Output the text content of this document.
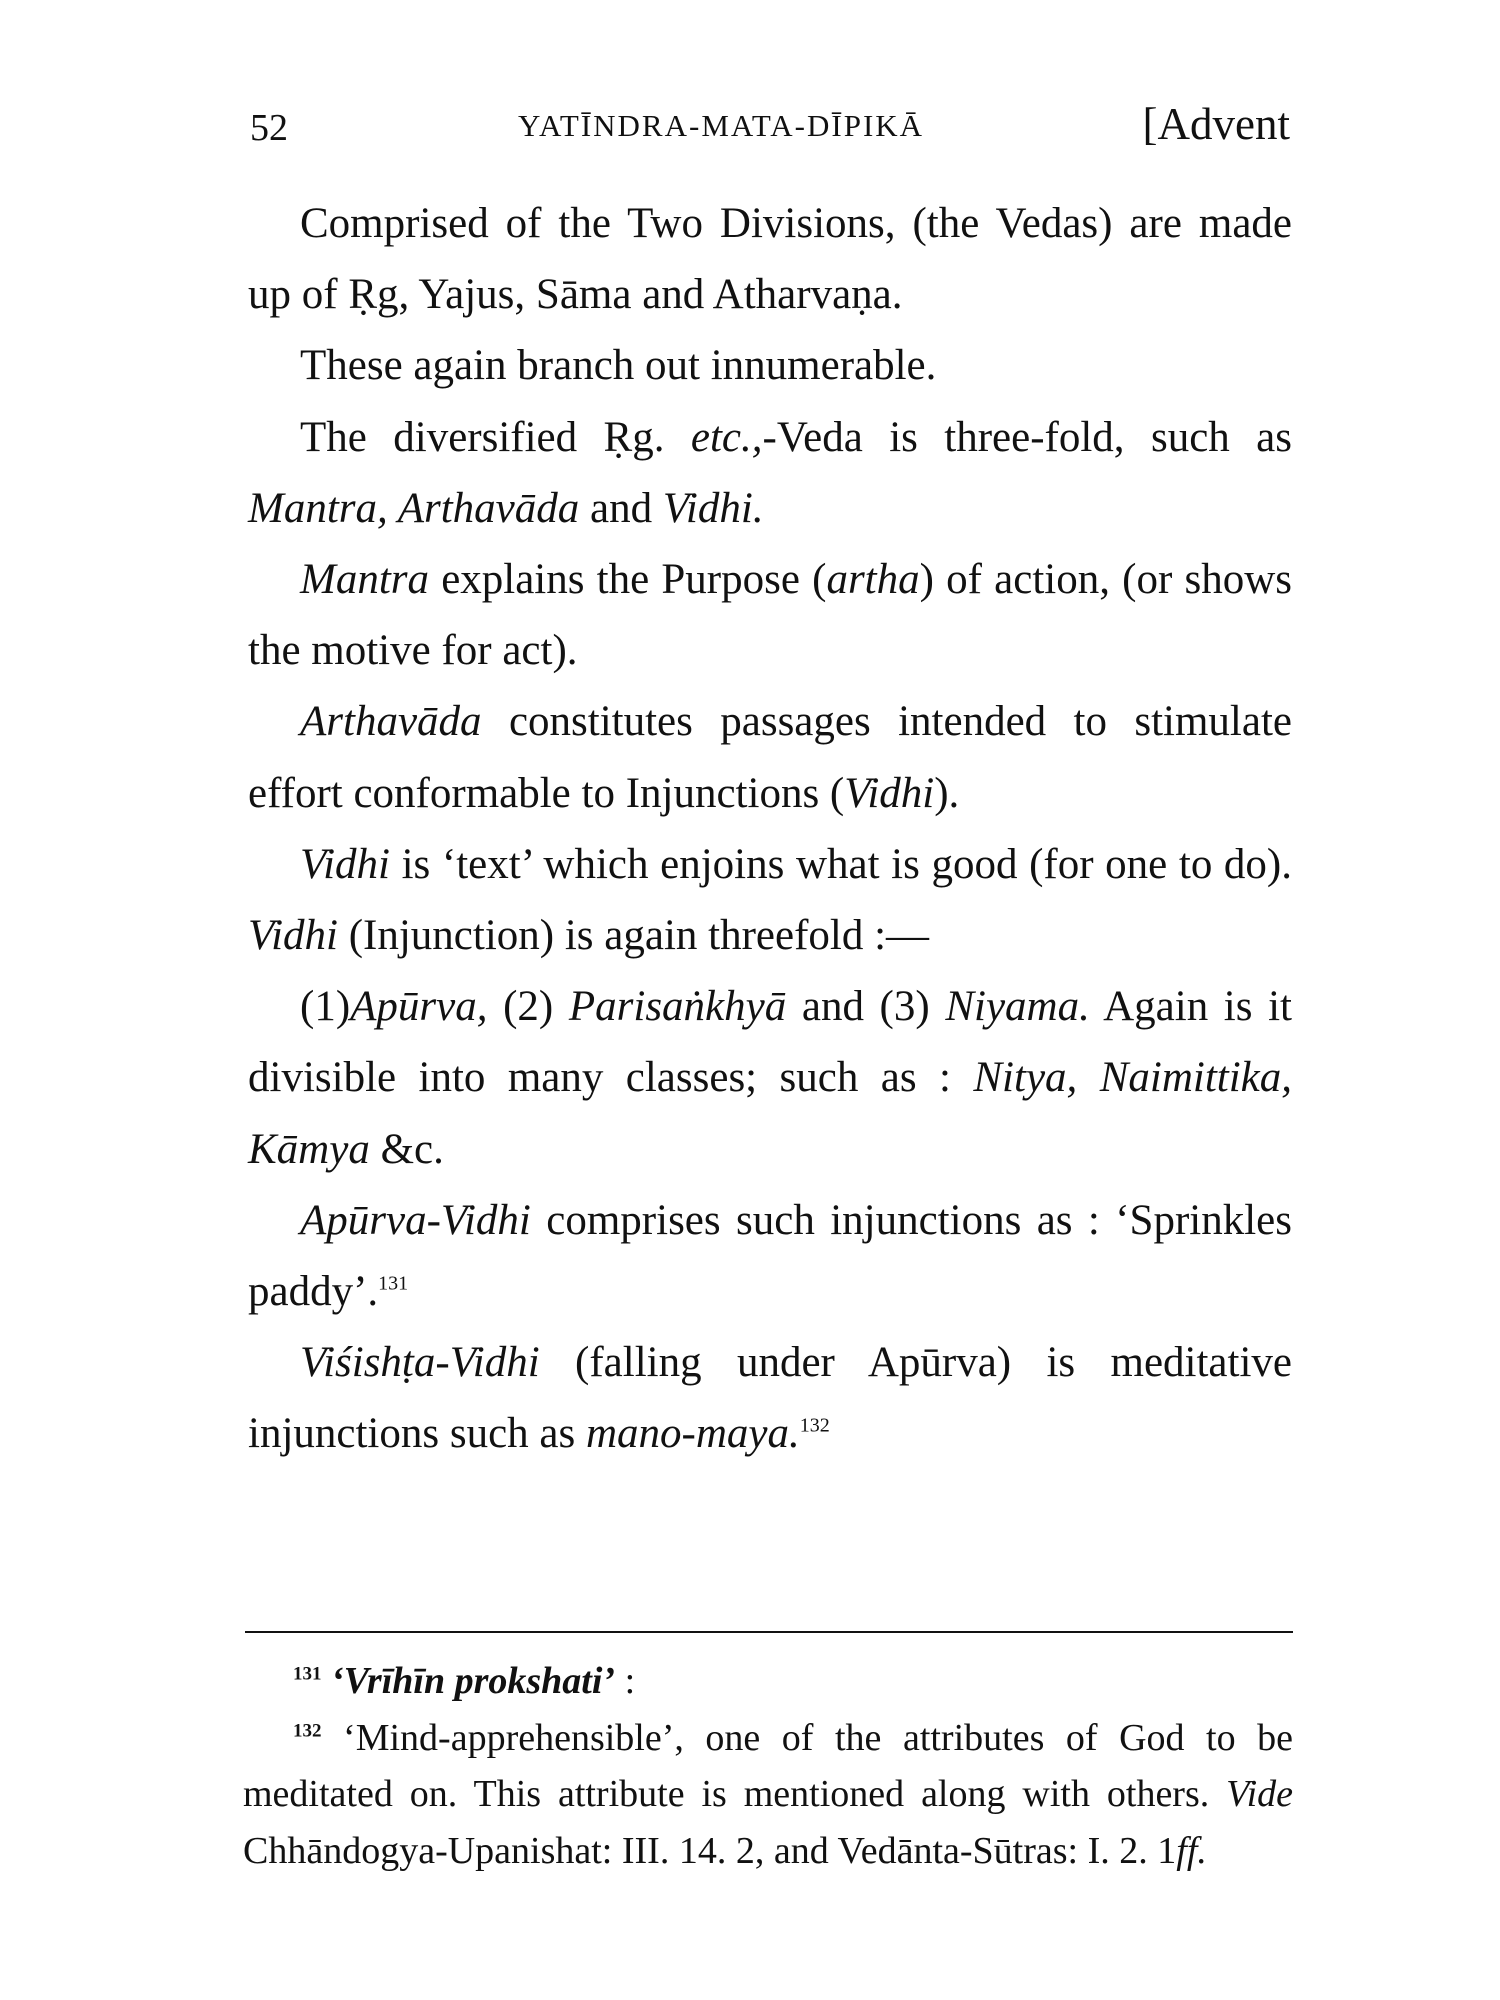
52	YATĪNDRA-MATA-DĪPIKĀ	[Advent

Comprised of the Two Divisions, (the Vedas) are made up of Ṛg, Yajus, Sāma and Atharvaṇa.

These again branch out innumerable.

The diversified Ṛg. etc.,-Veda is three-fold, such as Mantra, Arthavāda and Vidhi.

Mantra explains the Purpose (artha) of action, (or shows the motive for act).

Arthavāda constitutes passages intended to stimulate effort conformable to Injunctions (Vidhi).

Vidhi is ‘text’ which enjoins what is good (for one to do). Vidhi (Injunction) is again threefold :—

(1)Apūrva, (2) Parisaṅkhyā and (3) Niyama. Again is it divisible into many classes; such as : Nitya, Naimittika, Kāmya &c.

Apūrva-Vidhi comprises such injunctions as : ‘Sprinkles paddy’.$^{131}$

Viśishṭa-Vidhi (falling under Apūrva) is meditative injunctions such as mano-maya.$^{132}$

$^{131}$ ‘Vrīhīn prokshati’ :

$^{132}$ ‘Mind-apprehensible’, one of the attributes of God to be meditated on. This attribute is mentioned along with others. Vide Chhāndogya-Upanishat: III. 14. 2, and Vedānta-Sūtras: I. 2. 1ff.
